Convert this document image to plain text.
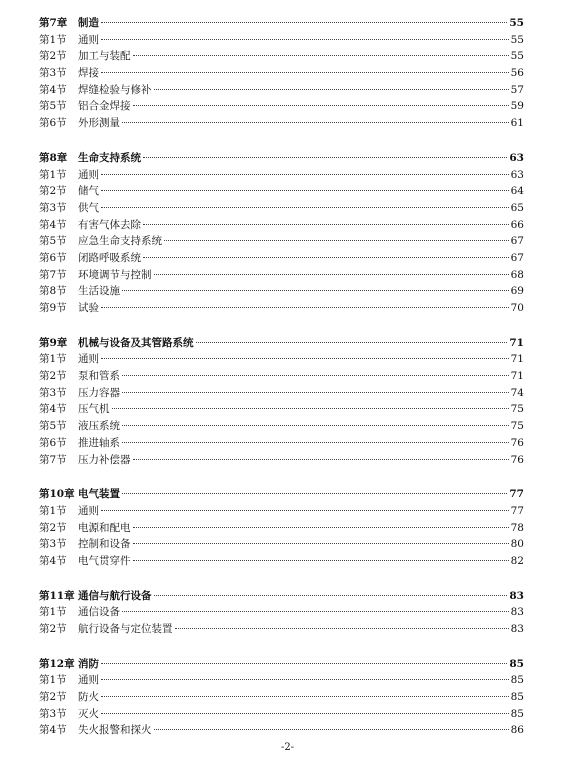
第7章	制造	55
第1节	通则	55
第2节	加工与装配	55
第3节	焊接	56
第4节	焊缝检验与修补	57
第5节	铝合金焊接	59
第6节	外形测量	61
第8章	生命支持系统	63
第1节	通则	63
第2节	储气	64
第3节	供气	65
第4节	有害气体去除	66
第5节	应急生命支持系统	67
第6节	闭路呼吸系统	67
第7节	环境调节与控制	68
第8节	生活设施	69
第9节	试验	70
第9章	机械与设备及其管路系统	71
第1节	通则	71
第2节	泵和管系	71
第3节	压力容器	74
第4节	压气机	75
第5节	液压系统	75
第6节	推进轴系	76
第7节	压力补偿器	76
第10章 电气装置	77
第1节	通则	77
第2节	电源和配电	78
第3节	控制和设备	80
第4节	电气贯穿件	82
第11章 通信与航行设备	83
第1节	通信设备	83
第2节	航行设备与定位装置	83
第12章 消防	85
第1节	通则	85
第2节	防火	85
第3节	灭火	85
第4节	失火报警和探火	86
-2-
